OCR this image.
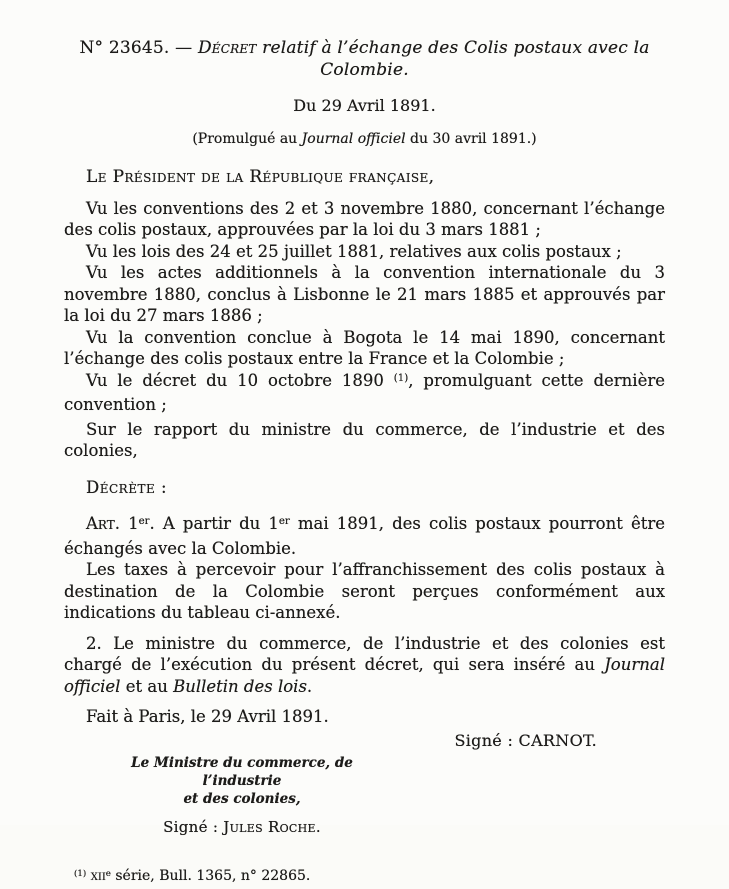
N° 23645. — Décret relatif à l’échange des Colis postaux avec la Colombie.

Du 29 Avril 1891.

(Promulgué au Journal officiel du 30 avril 1891.)

Le Président de la République française,

Vu les conventions des 2 et 3 novembre 1880, concernant l’échange des colis postaux, approuvées par la loi du 3 mars 1881 ;

Vu les lois des 24 et 25 juillet 1881, relatives aux colis postaux ;

Vu les actes additionnels à la convention internationale du 3 novembre 1880, conclus à Lisbonne le 21 mars 1885 et approuvés par la loi du 27 mars 1886 ;

Vu la convention conclue à Bogota le 14 mai 1890, concernant l’échange des colis postaux entre la France et la Colombie ;

Vu le décret du 10 octobre 1890 $^{(1)}$, promulguant cette dernière convention ;

Sur le rapport du ministre du commerce, de l’industrie et des colonies,

Décrète :

Art. 1er. A partir du 1er mai 1891, des colis postaux pourront être échangés avec la Colombie.

Les taxes à percevoir pour l’affranchissement des colis postaux à destination de la Colombie seront perçues conformément aux indications du tableau ci-annexé.

2. Le ministre du commerce, de l’industrie et des colonies est chargé de l’exécution du présent décret, qui sera inséré au Journal officiel et au Bulletin des lois.

Fait à Paris, le 29 Avril 1891.

Signé : CARNOT.

Le Ministre du commerce, de l’industrie
et des colonies,

Signé : Jules Roche.

$^{(1)}$ xii$^e$ série, Bull. 1365, n° 22865.
